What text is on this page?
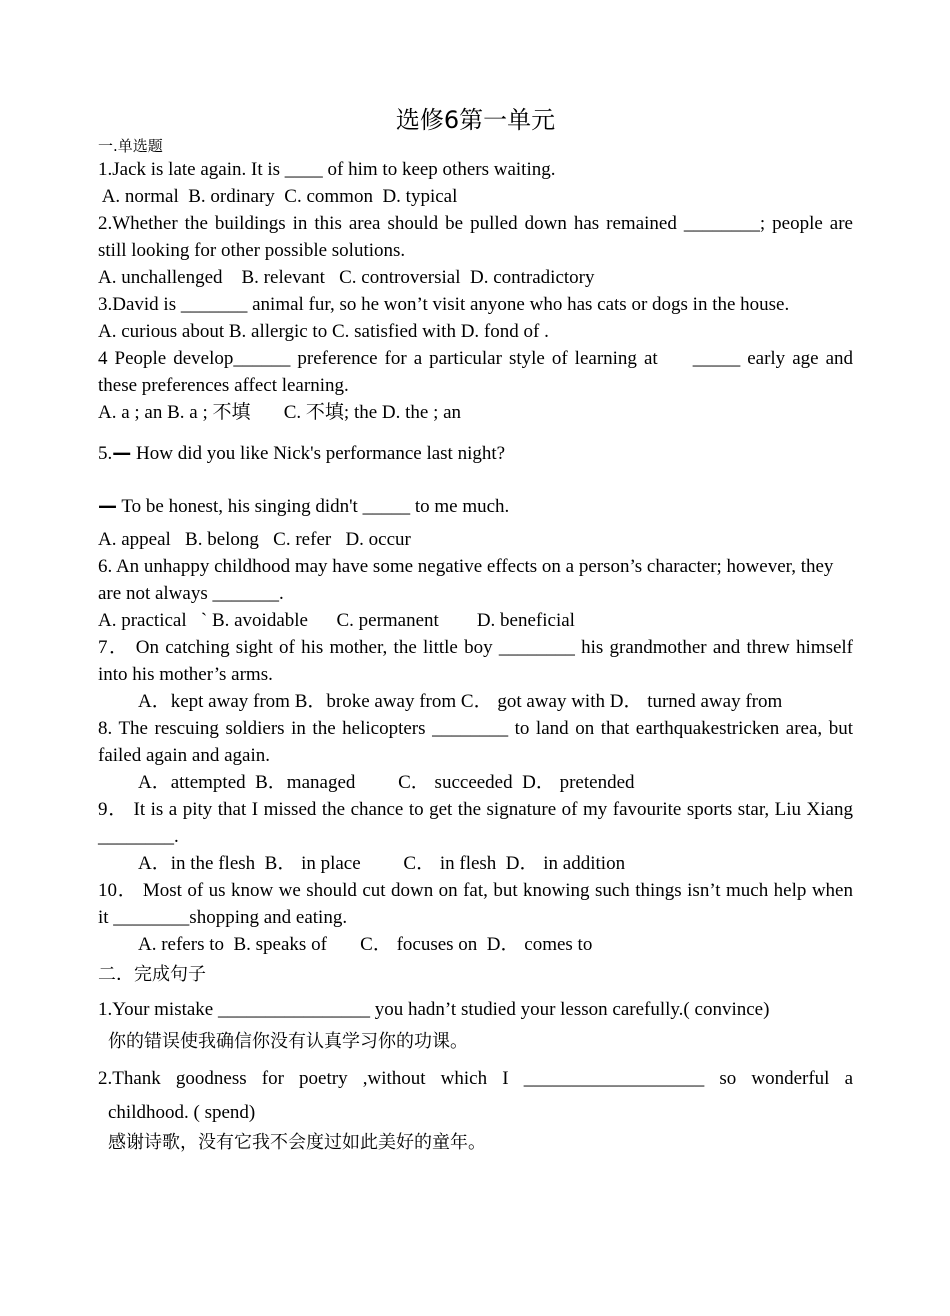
选修6第一单元
一.单选题
1.Jack is late again. It is ____ of him to keep others waiting.
A. normal  B. ordinary  C. common  D. typical
2.Whether the buildings in this area should be pulled down has remained ________; people are still looking for other possible solutions.
A. unchallenged    B. relevant   C. controversial  D. contradictory
3.David is _______ animal fur, so he won’t visit anyone who has cats or dogs in the house.
A. curious about B. allergic to C. satisfied with D. fond of .
4 People develop______ preference for a particular style of learning at     _____ early age and these preferences affect learning.
A. a ; an B. a ; 不填       C. 不填; the D. the ; an
5.— How did you like Nick's performance last night?
— To be honest, his singing didn't _____ to me much.
A. appeal   B. belong   C. refer   D. occur
6. An unhappy childhood may have some negative effects on a person’s character; however, they are not always _______.
A. practical   ` B. avoidable      C. permanent        D. beneficial
7． On catching sight of his mother, the little boy ________ his grandmother and threw himself into his mother’s arms.
A．kept away from B．broke away from C． got away with D． turned away from
8. The rescuing soldiers in the helicopters ________ to land on that earthquakestricken area, but failed again and again.
A．attempted  B．managed         C． succeeded  D． pretended
9． It is a pity that I missed the chance to get the signature of my favourite sports star, Liu Xiang ________.
A．in the flesh  B． in place         C． in flesh  D． in addition
10． Most of us know we should cut down on fat, but knowing such things isn’t much help when it ________shopping and eating.
A. refers to  B. speaks of       C． focuses on  D． comes to
二．完成句子
1.Your mistake ________________ you hadn’t studied your lesson carefully.( convince)
你的错误使我确信你没有认真学习你的功课。
2.Thank goodness for poetry ,without which I ___________________ so wonderful a
childhood. ( spend)
感谢诗歌，没有它我不会度过如此美好的童年。
